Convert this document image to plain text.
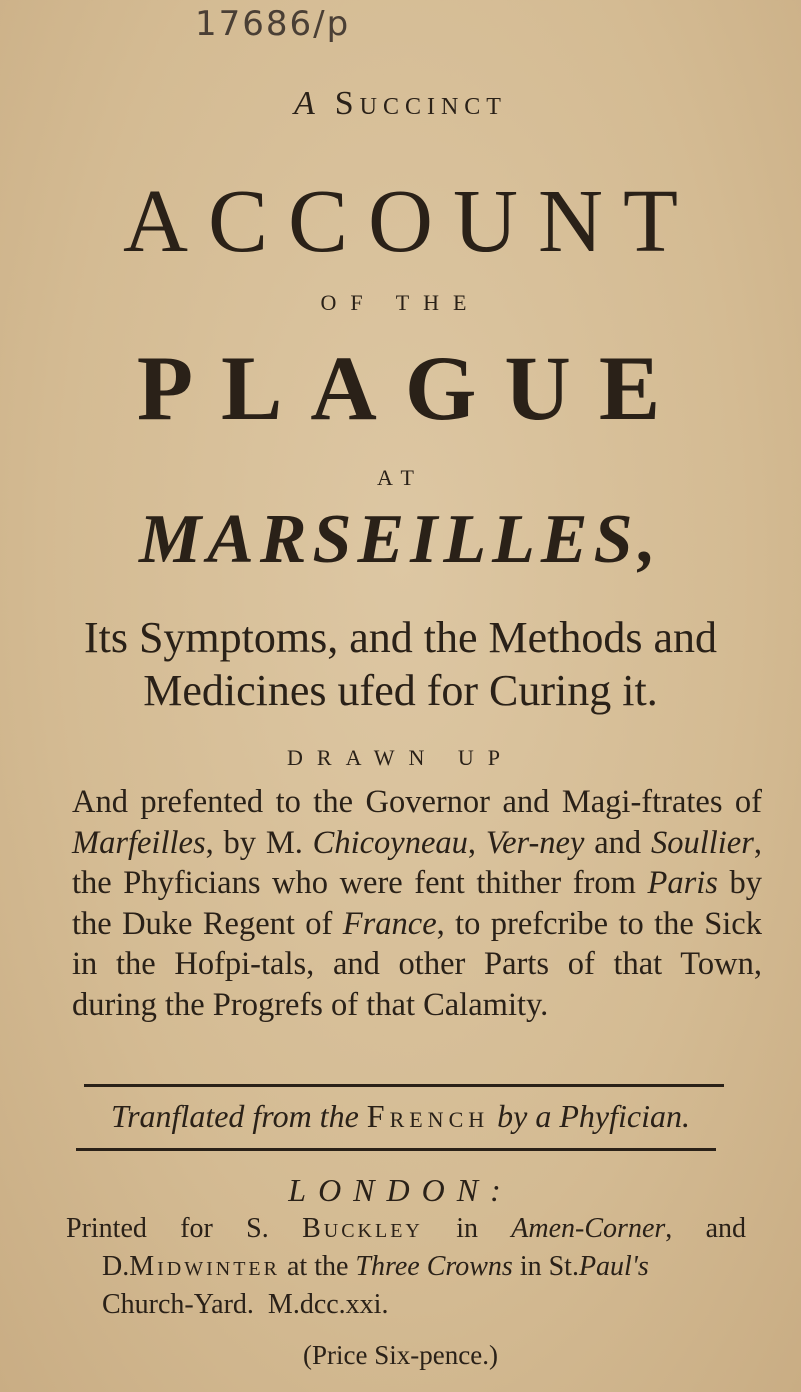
17686/p
A Succinct
ACCOUNT
OF THE
PLAGUE
AT
MARSEILLES,
Its Symptoms, and the Methods and
Medicines ufed for Curing it.
DRAWN UP
And prefented to the Governor and Magi-ftrates of Marfeilles, by M. Chicoyneau, Ver-ney and Soullier, the Phyficians who were fent thither from Paris by the Duke Regent of France, to prefcribe to the Sick in the Hofpi-tals, and other Parts of that Town, during the Progrefs of that Calamity.
Tranflated from the French by a Phyfician.
LONDON:
Printed for S. Buckley in Amen-Corner, and
D.Midwinter at the Three Crowns in St.Paul's
Church-Yard.  M.dcc.xxi.
(Price Six-pence.)
